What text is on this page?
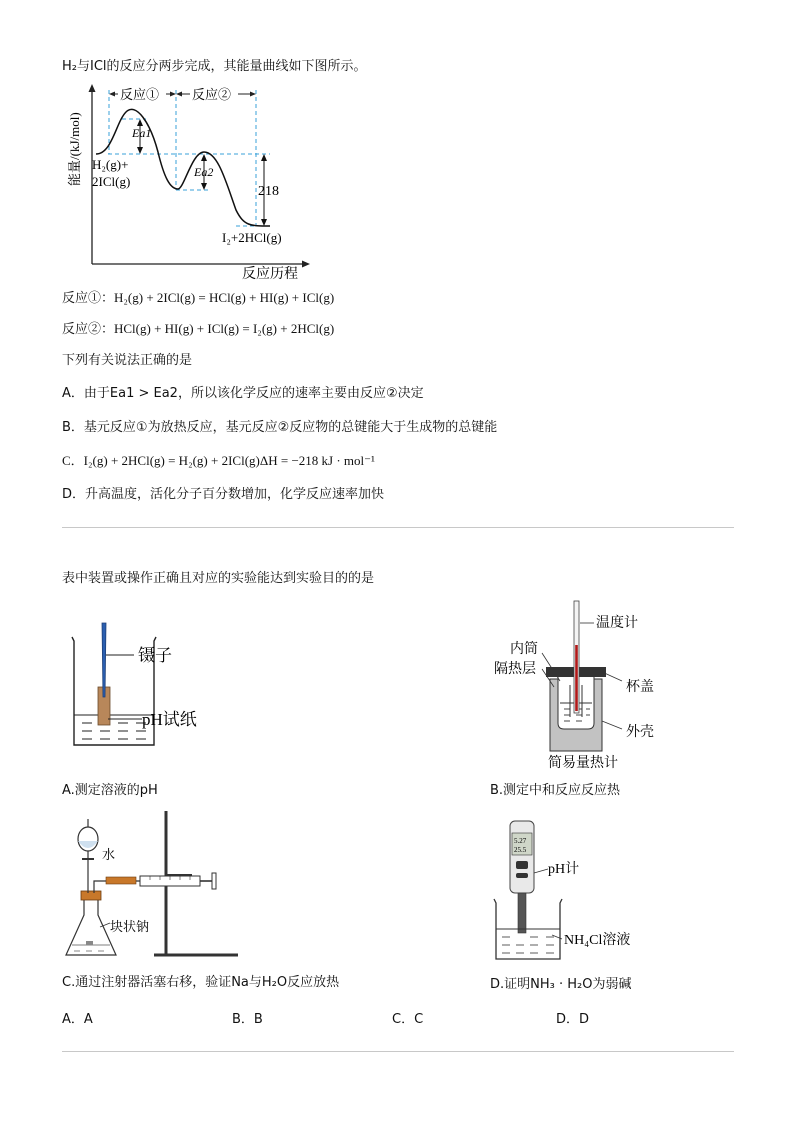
H₂与ICl的反应分两步完成，其能量曲线如下图所示。
反应①	反应②
Ea1
Ea2
218
H₂(g)+
2ICl(g)
I₂+2HCl(g)
能量/(kJ/mol)
反应历程
反应①：H₂(g) + 2ICl(g) = HCl(g) + HI(g) + ICl(g)
反应②：HCl(g) + HI(g) + ICl(g) = I₂(g) + 2HCl(g)
下列有关说法正确的是
A．由于Ea1 > Ea2，所以该化学反应的速率主要由反应②决定
B．基元反应①为放热反应，基元反应②反应物的总键能大于生成物的总键能
C．I₂(g) + 2HCl(g) = H₂(g) + 2ICl(g)ΔH = −218 kJ · mol⁻¹
D．升高温度，活化分子百分数增加，化学反应速率加快
表中装置或操作正确且对应的实验能达到实验目的的是
镊子
pH试纸
A.测定溶液的pH
温度计
内筒
隔热层
杯盖
外壳
简易量热计
B.测定中和反应反应热
水
块状钠
C.通过注射器活塞右移，验证Na与H₂O反应放热
5.27
25.5
pH计
NH₄Cl溶液
D.证明NH₃ · H₂O为弱碱
A．A	B．B	C．C	D．D
